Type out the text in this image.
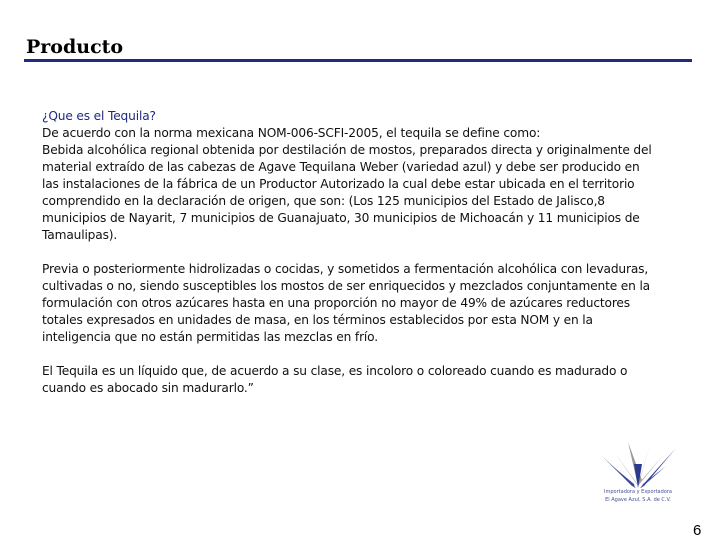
Producto

¿Que es el Tequila?

De acuerdo con la norma mexicana NOM-006-SCFI-2005, el tequila se define como:

Bebida alcohólica regional obtenida por destilación de mostos, preparados directa y originalmente del material extraído de las cabezas de Agave Tequilana Weber (variedad azul) y debe ser producido en las instalaciones de la fábrica de un Productor Autorizado la cual debe estar ubicada en el territorio comprendido en la declaración de origen, que son: (Los 125 municipios del Estado de Jalisco,8 municipios de Nayarit, 7 municipios de Guanajuato, 30 municipios de Michoacán y 11 municipios de Tamaulipas).

Previa o posteriormente hidrolizadas o cocidas, y sometidos a fermentación alcohólica con levaduras, cultivadas o no, siendo susceptibles los mostos de ser enriquecidos y mezclados conjuntamente en la formulación con otros azúcares hasta en una proporción no mayor de 49% de azúcares reductores totales expresados en unidades de masa, en los términos establecidos por esta NOM y en la inteligencia que no están permitidas las mezclas en frío.

El Tequila es un líquido que, de acuerdo a su clase, es incoloro o coloreado cuando es madurado o cuando es abocado sin madurarlo.”

Importadora y Exportadora
El Agave Azul, S.A. de C.V.
6
